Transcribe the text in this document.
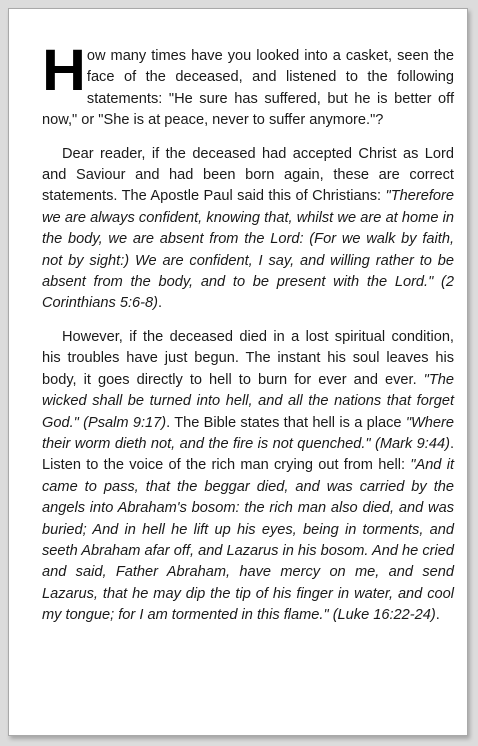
How many times have you looked into a casket, seen the face of the deceased, and listened to the following statements: "He sure has suffered, but he is better off now," or "She is at peace, never to suffer anymore."?

Dear reader, if the deceased had accepted Christ as Lord and Saviour and had been born again, these are correct statements. The Apostle Paul said this of Christians: "Therefore we are always confident, knowing that, whilst we are at home in the body, we are absent from the Lord: (For we walk by faith, not by sight:) We are confident, I say, and willing rather to be absent from the body, and to be present with the Lord." (2 Corinthians 5:6-8).

However, if the deceased died in a lost spiritual condition, his troubles have just begun. The instant his soul leaves his body, it goes directly to hell to burn for ever and ever. "The wicked shall be turned into hell, and all the nations that forget God." (Psalm 9:17). The Bible states that hell is a place "Where their worm dieth not, and the fire is not quenched." (Mark 9:44). Listen to the voice of the rich man crying out from hell: "And it came to pass, that the beggar died, and was carried by the angels into Abraham's bosom: the rich man also died, and was buried; And in hell he lift up his eyes, being in torments, and seeth Abraham afar off, and Lazarus in his bosom. And he cried and said, Father Abraham, have mercy on me, and send Lazarus, that he may dip the tip of his finger in water, and cool my tongue; for I am tormented in this flame." (Luke 16:22-24).
